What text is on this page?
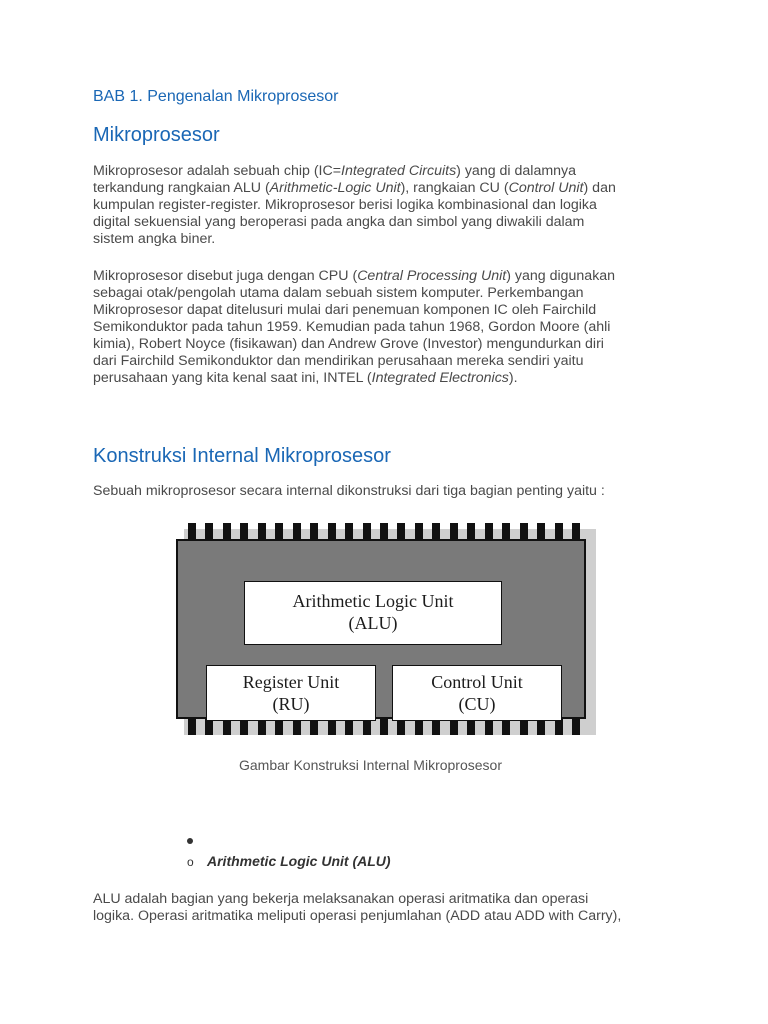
BAB 1. Pengenalan Mikroprosesor
Mikroprosesor

Mikroprosesor adalah sebuah chip (IC=Integrated Circuits) yang di dalamnya
terkandung rangkaian ALU (Arithmetic-Logic Unit), rangkaian CU (Control Unit) dan
kumpulan register-register. Mikroprosesor berisi logika kombinasional dan logika
digital sekuensial yang beroperasi pada angka dan simbol yang diwakili dalam
sistem angka biner.

Mikroprosesor disebut juga dengan CPU (Central Processing Unit) yang digunakan
sebagai otak/pengolah utama dalam sebuah sistem komputer. Perkembangan
Mikroprosesor dapat ditelusuri mulai dari penemuan komponen IC oleh Fairchild
Semikonduktor pada tahun 1959. Kemudian pada tahun 1968, Gordon Moore (ahli
kimia), Robert Noyce (fisikawan) dan Andrew Grove (Investor) mengundurkan diri
dari Fairchild Semikonduktor dan mendirikan perusahaan mereka sendiri yaitu
perusahaan yang kita kenal saat ini, INTEL (Integrated Electronics).

Konstruksi Internal Mikroprosesor

Sebuah mikroprosesor secara internal dikonstruksi dari tiga bagian penting yaitu :

ALU adalah bagian yang bekerja melaksanakan operasi aritmatika dan operasi
logika. Operasi aritmatika meliputi operasi penjumlahan (ADD atau ADD with Carry),

Arithmetic Logic Unit
(ALU)
Register Unit
(RU)
Control Unit
(CU)
Gambar Konstruksi Internal Mikroprosesor
o Arithmetic Logic Unit (ALU)
